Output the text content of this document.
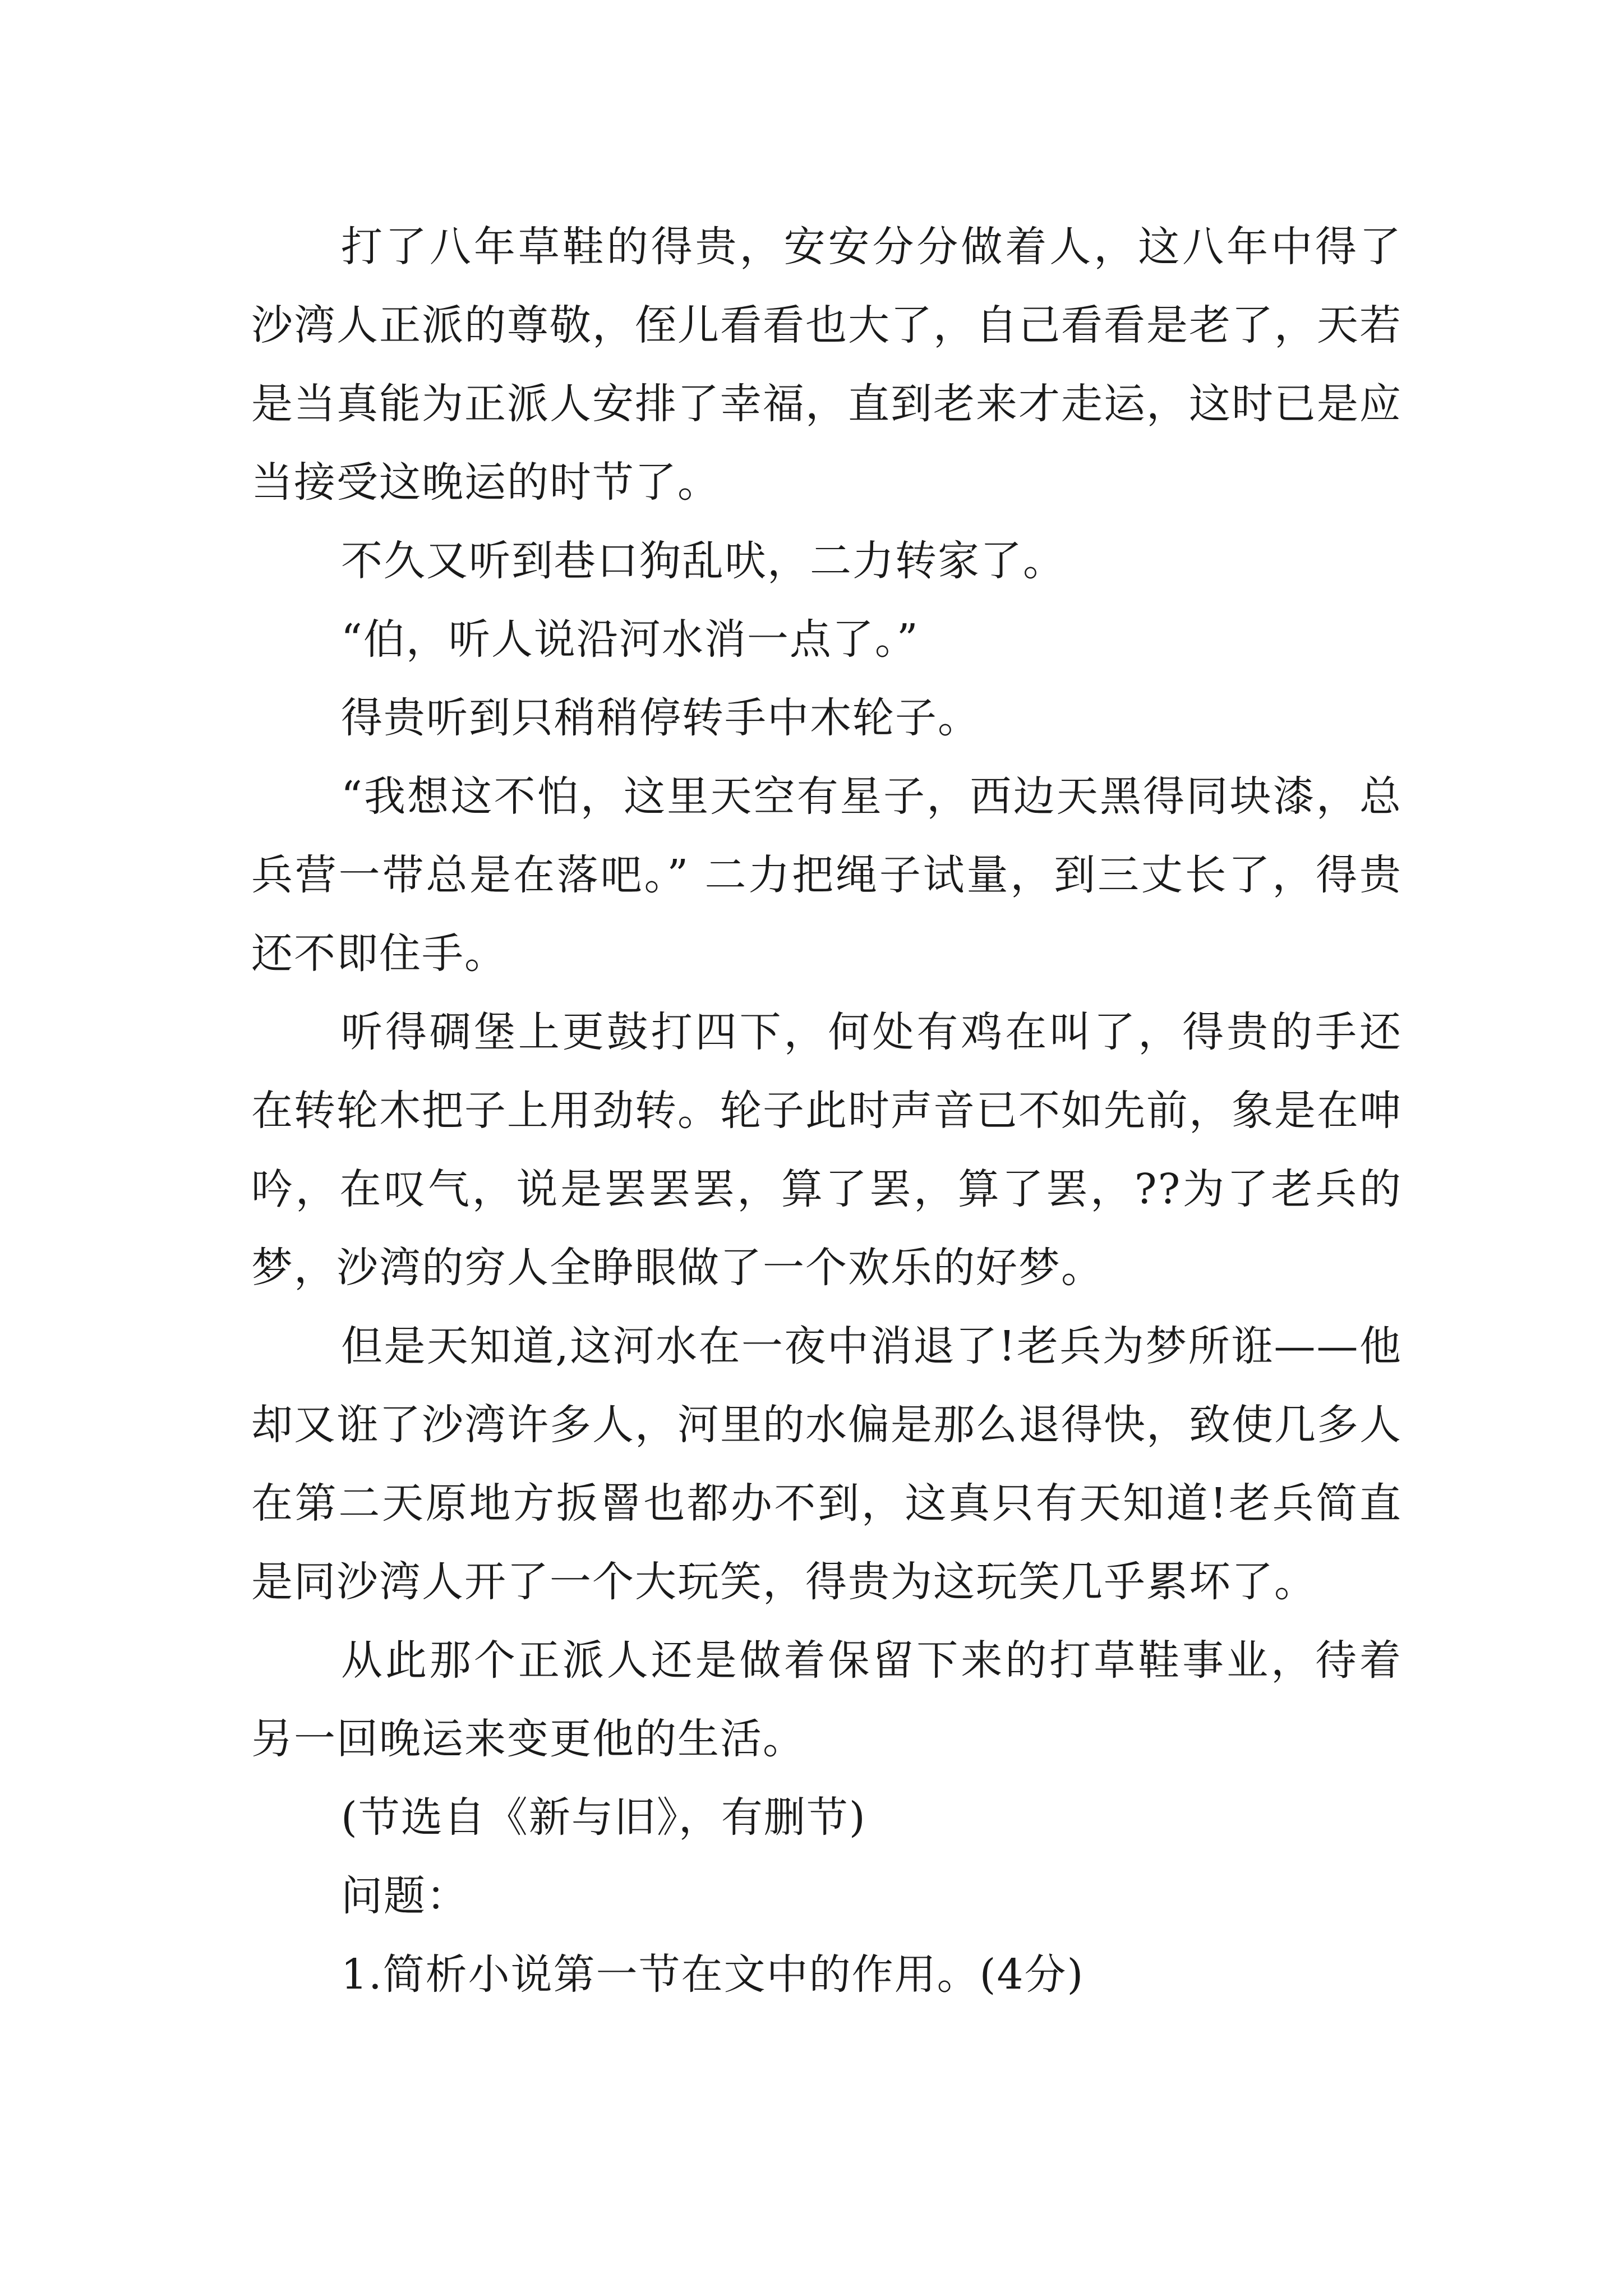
打了八年草鞋的得贵，安安分分做着人，这八年中得了沙湾人正派的尊敬，侄儿看看也大了，自己看看是老了，天若是当真能为正派人安排了幸福，直到老来才走运，这时已是应当接受这晚运的时节了。

不久又听到巷口狗乱吠，二力转家了。

“伯，听人说沿河水消一点了。”

得贵听到只稍稍停转手中木轮子。

“我想这不怕，这里天空有星子，西边天黑得同块漆，总兵营一带总是在落吧。” 二力把绳子试量，到三丈长了，得贵还不即住手。

听得碉堡上更鼓打四下，何处有鸡在叫了，得贵的手还在转轮木把子上用劲转。轮子此时声音已不如先前，象是在呻吟，在叹气，说是罢罢罢，算了罢，算了罢，??为了老兵的梦，沙湾的穷人全睁眼做了一个欢乐的好梦。

但是天知道,这河水在一夜中消退了!老兵为梦所诳——他却又诳了沙湾许多人，河里的水偏是那么退得快，致使几多人在第二天原地方扳罾也都办不到，这真只有天知道!老兵简直是同沙湾人开了一个大玩笑，得贵为这玩笑几乎累坏了。

从此那个正派人还是做着保留下来的打草鞋事业，待着另一回晚运来变更他的生活。

(节选自《新与旧》，有删节)

问题：

1.简析小说第一节在文中的作用。(4分)
